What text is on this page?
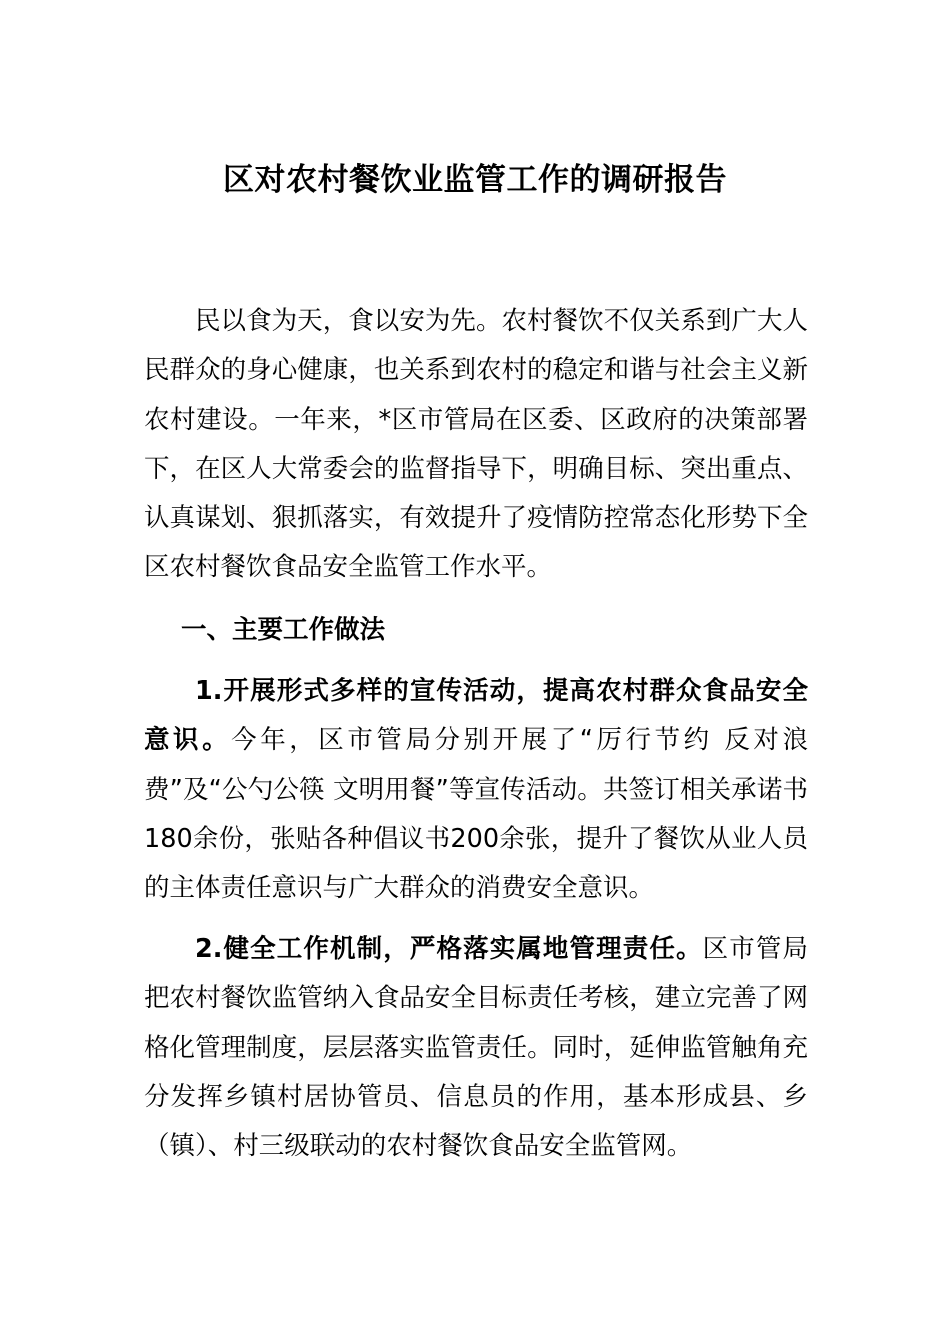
区对农村餐饮业监管工作的调研报告

民以食为天，食以安为先。农村餐饮不仅关系到广大人民群众的身心健康，也关系到农村的稳定和谐与社会主义新农村建设。一年来，*区市管局在区委、区政府的决策部署下，在区人大常委会的监督指导下，明确目标、突出重点、认真谋划、狠抓落实，有效提升了疫情防控常态化形势下全区农村餐饮食品安全监管工作水平。

一、主要工作做法

1.开展形式多样的宣传活动，提高农村群众食品安全意识。今年，区市管局分别开展了“厉行节约 反对浪费”及“公勺公筷 文明用餐”等宣传活动。共签订相关承诺书180余份，张贴各种倡议书200余张，提升了餐饮从业人员的主体责任意识与广大群众的消费安全意识。

2.健全工作机制，严格落实属地管理责任。区市管局把农村餐饮监管纳入食品安全目标责任考核，建立完善了网格化管理制度，层层落实监管责任。同时，延伸监管触角充分发挥乡镇村居协管员、信息员的作用，基本形成县、乡（镇）、村三级联动的农村餐饮食品安全监管网。
